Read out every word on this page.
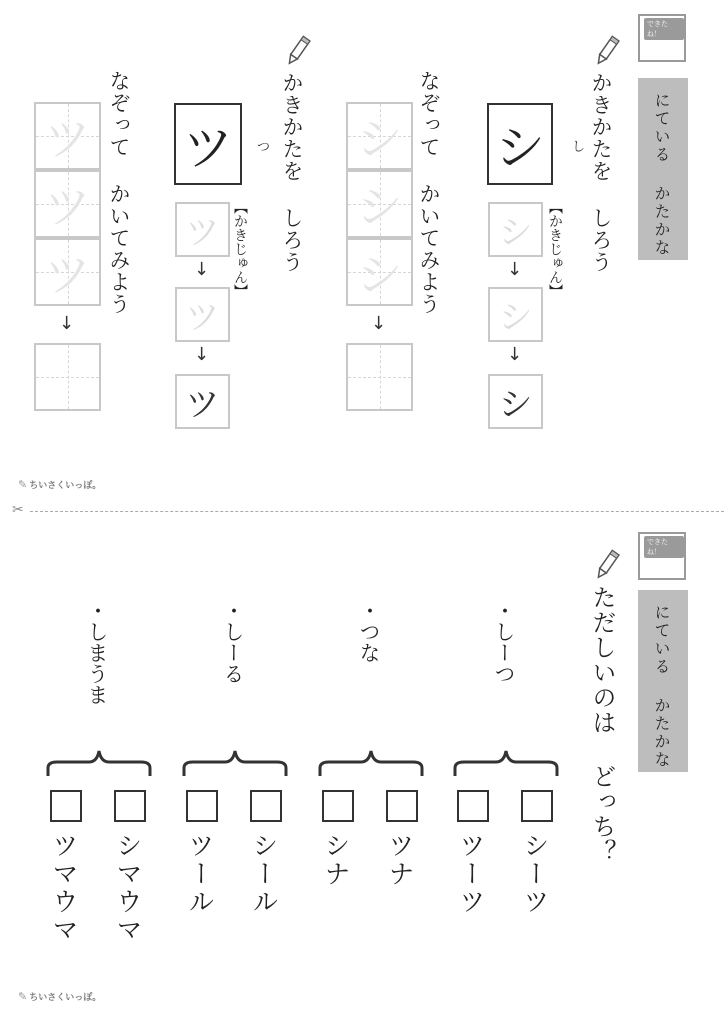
できたね！
にている かたかな
かきかたを しろう
シ	し
【かきじゅん】
シ
↓
シ
↓
シ
なぞって かいてみよう
シ
シ
シ
↓
かきかたを しろう
ツ	つ
【かきじゅん】
ツ
↓
ツ
↓
ツ
なぞって かいてみよう
ツ
ツ
ツ
↓
✎ ちいさくいっぽ。
✂
できたね！
にている かたかな
ただしいのは どっち？
・しーつ
シーツ
ツーツ
・つな
ツナ
シナ
・しーる
シール
ツール
・しまうま
シマウマ
ツマウマ
✎ ちいさくいっぽ。
